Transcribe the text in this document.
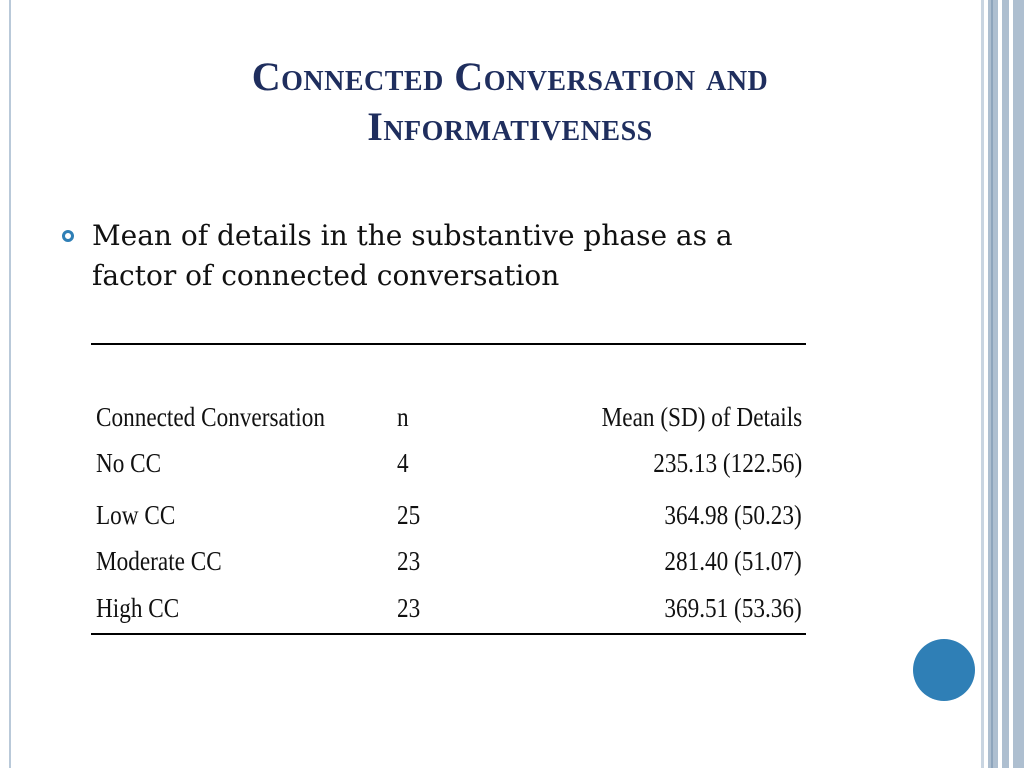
Connected Conversation and
Informativeness
Mean of details in the substantive phase as a
factor of connected conversation
Connected Conversation	n	Mean (SD) of Details
No CC	4	235.13 (122.56)
Low CC	25	364.98 (50.23)
Moderate CC	23	281.40 (51.07)
High CC	23	369.51 (53.36)
